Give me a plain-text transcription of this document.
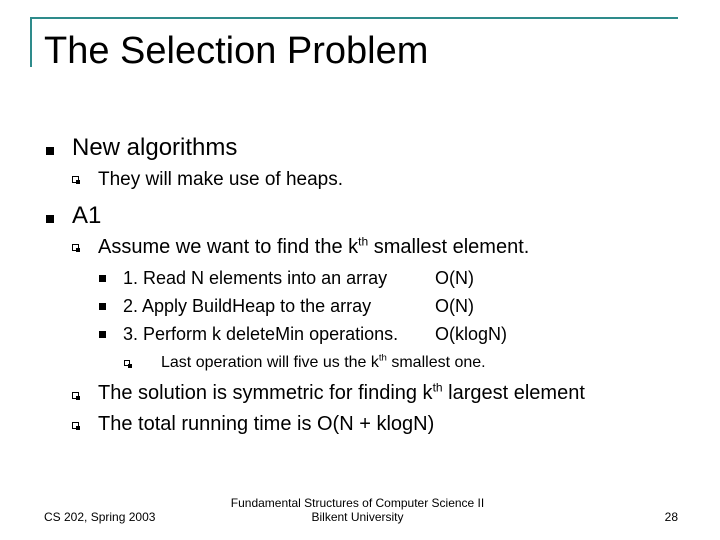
The Selection Problem
New algorithms
They will make use of heaps.
A1
Assume we want to find the $k^{th}$ smallest element.
1. Read N elements into an array	O(N)
2. Apply BuildHeap to the array	O(N)
3. Perform k deleteMin operations. O(klogN)
Last operation will five us the $k^{th}$ smallest one.
The solution is symmetric for finding $k^{th}$ largest element
The total running time is O(N + klogN)
CS 202, Spring 2003
Fundamental Structures of Computer Science II
Bilkent University	28
